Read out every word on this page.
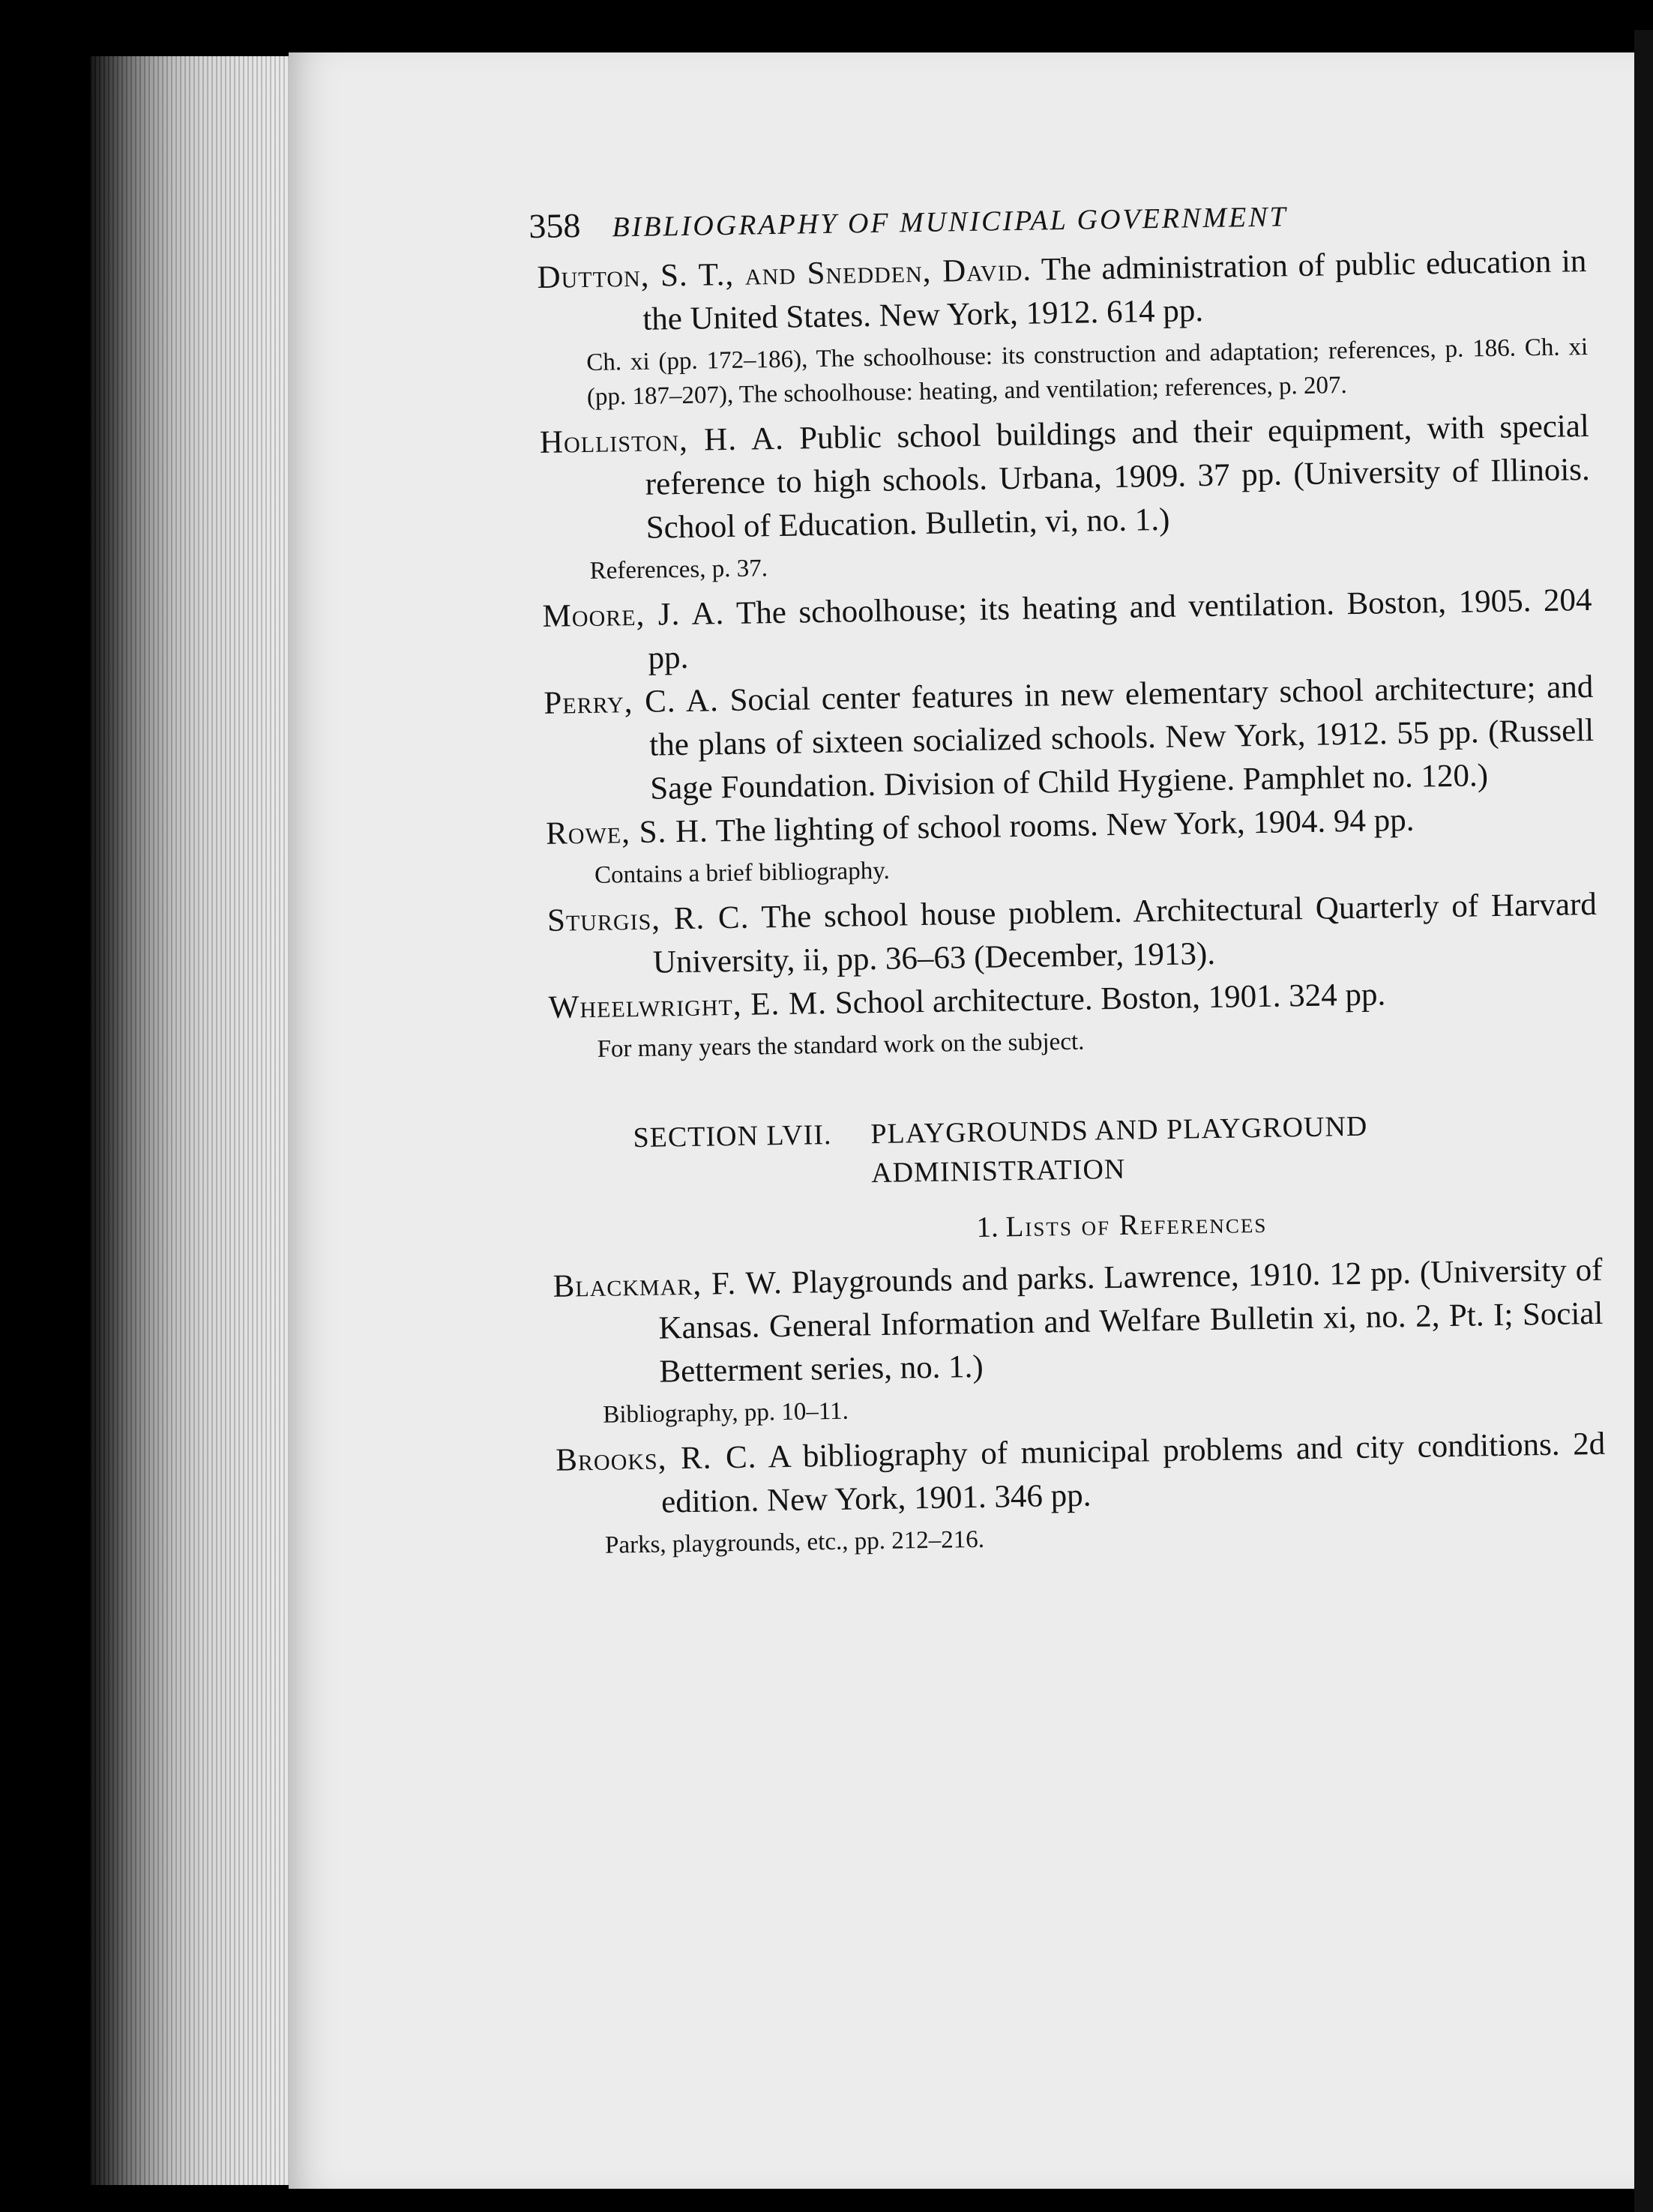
358 BIBLIOGRAPHY OF MUNICIPAL GOVERNMENT

Dutton, S. T., and Snedden, David. The administration of public education in the United States. New York, 1912. 614 pp.

Ch. xi (pp. 172–186), The schoolhouse: its construction and adaptation; references, p. 186. Ch. xi (pp. 187–207), The schoolhouse: heating, and ventilation; references, p. 207.

Holliston, H. A. Public school buildings and their equipment, with special reference to high schools. Urbana, 1909. 37 pp. (University of Illinois. School of Education. Bulletin, vi, no. 1.)

References, p. 37.

Moore, J. A. The schoolhouse; its heating and ventilation. Boston, 1905. 204 pp.

Perry, C. A. Social center features in new elementary school architecture; and the plans of sixteen socialized schools. New York, 1912. 55 pp. (Russell Sage Foundation. Division of Child Hygiene. Pamphlet no. 120.)

Rowe, S. H. The lighting of school rooms. New York, 1904. 94 pp.

Contains a brief bibliography.

Sturgis, R. C. The school house pıoblem. Architectural Quarterly of Harvard University, ii, pp. 36–63 (December, 1913).

Wheelwright, E. M. School architecture. Boston, 1901. 324 pp.

For many years the standard work on the subject.

SECTION LVII. PLAYGROUNDS AND PLAYGROUND ADMINISTRATION
1. Lists of References

Blackmar, F. W. Playgrounds and parks. Lawrence, 1910. 12 pp. (University of Kansas. General Information and Welfare Bulletin xi, no. 2, Pt. I; Social Betterment series, no. 1.)

Bibliography, pp. 10–11.

Brooks, R. C. A bibliography of municipal problems and city conditions. 2d edition. New York, 1901. 346 pp.

Parks, playgrounds, etc., pp. 212–216.
